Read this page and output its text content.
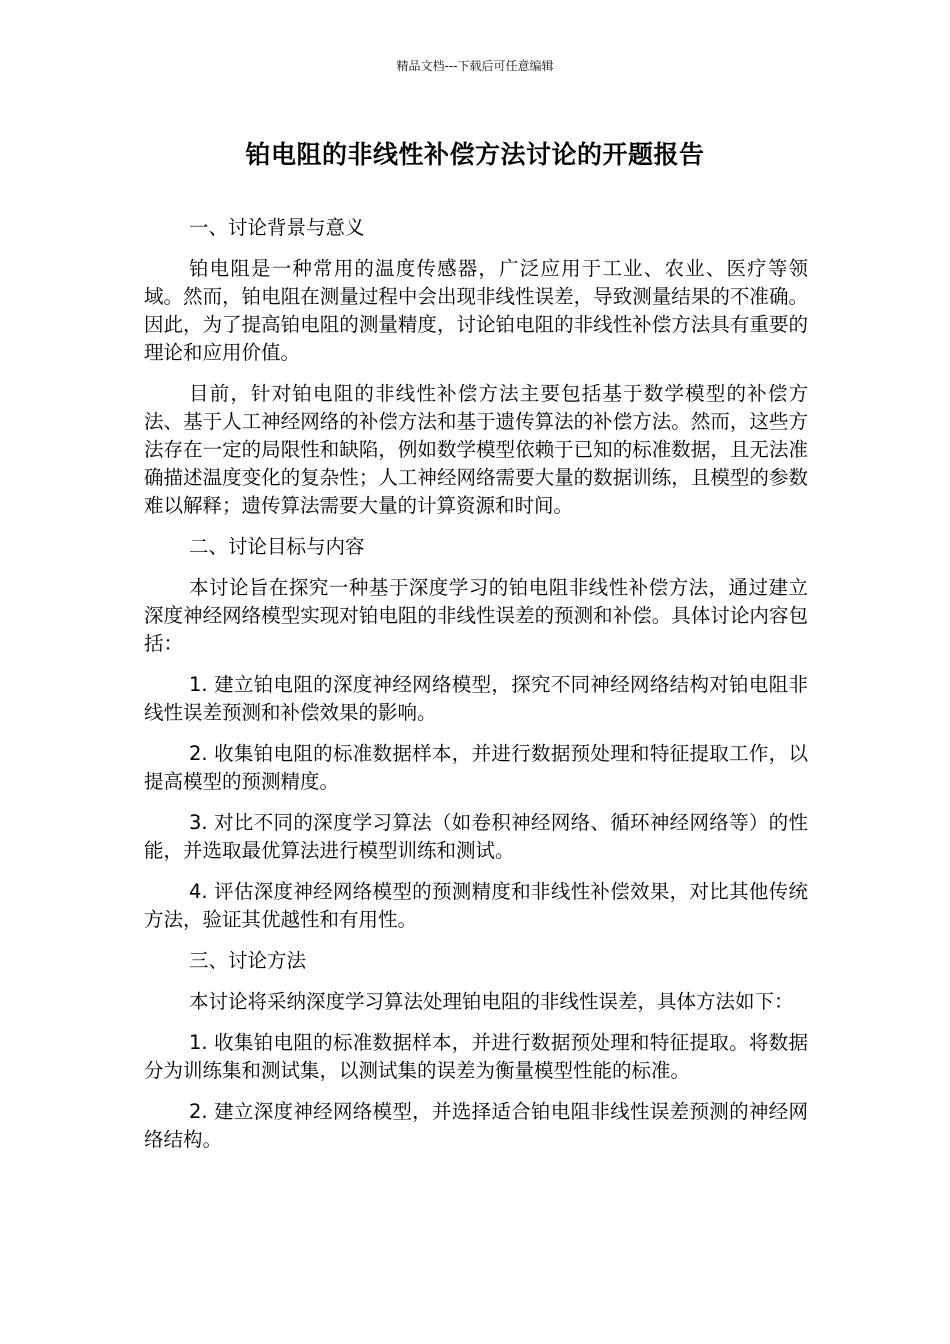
精品文档---下载后可任意编辑
铂电阻的非线性补偿方法讨论的开题报告

一、讨论背景与意义

铂电阻是一种常用的温度传感器，广泛应用于工业、农业、医疗等领域。然而，铂电阻在测量过程中会出现非线性误差，导致测量结果的不准确。因此，为了提高铂电阻的测量精度，讨论铂电阻的非线性补偿方法具有重要的理论和应用价值。

目前，针对铂电阻的非线性补偿方法主要包括基于数学模型的补偿方法、基于人工神经网络的补偿方法和基于遗传算法的补偿方法。然而，这些方法存在一定的局限性和缺陷，例如数学模型依赖于已知的标准数据，且无法准确描述温度变化的复杂性；人工神经网络需要大量的数据训练，且模型的参数难以解释；遗传算法需要大量的计算资源和时间。

二、讨论目标与内容

本讨论旨在探究一种基于深度学习的铂电阻非线性补偿方法，通过建立深度神经网络模型实现对铂电阻的非线性误差的预测和补偿。具体讨论内容包括：

1. 建立铂电阻的深度神经网络模型，探究不同神经网络结构对铂电阻非线性误差预测和补偿效果的影响。

2. 收集铂电阻的标准数据样本，并进行数据预处理和特征提取工作，以提高模型的预测精度。

3. 对比不同的深度学习算法（如卷积神经网络、循环神经网络等）的性能，并选取最优算法进行模型训练和测试。

4. 评估深度神经网络模型的预测精度和非线性补偿效果，对比其他传统方法，验证其优越性和有用性。

三、讨论方法

本讨论将采纳深度学习算法处理铂电阻的非线性误差，具体方法如下：

1. 收集铂电阻的标准数据样本，并进行数据预处理和特征提取。将数据分为训练集和测试集，以测试集的误差为衡量模型性能的标准。

2. 建立深度神经网络模型，并选择适合铂电阻非线性误差预测的神经网络结构。
